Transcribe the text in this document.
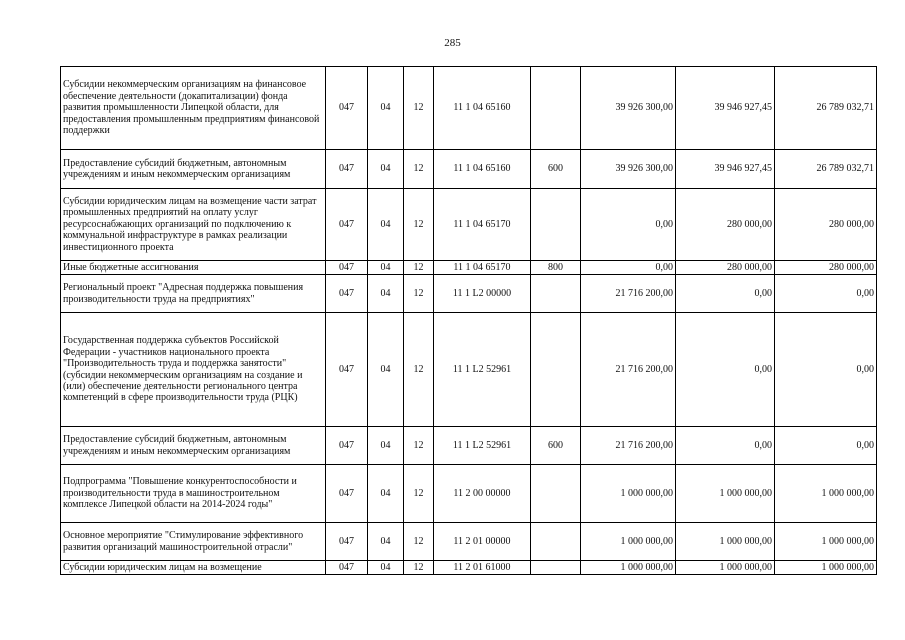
285
Субсидии некоммерческим организациям на финансовое обеспечение деятельности (докапитализации) фонда развития промышленности Липецкой области, для предоставления промышленным предприятиям финансовой поддержки	047	04	12	11 1 04 65160		39 926 300,00	39 946 927,45	26 789 032,71
Предоставление субсидий бюджетным, автономным учреждениям и иным некоммерческим организациям	047	04	12	11 1 04 65160	600	39 926 300,00	39 946 927,45	26 789 032,71
Субсидии юридическим лицам на возмещение части затрат промышленных предприятий на оплату услуг ресурсоснабжающих организаций по подключению к коммунальной инфраструктуре в рамках реализации инвестиционного проекта	047	04	12	11 1 04 65170		0,00	280 000,00	280 000,00
Иные бюджетные ассигнования	047	04	12	11 1 04 65170	800	0,00	280 000,00	280 000,00
Региональный проект "Адресная поддержка повышения производительности труда на предприятиях"	047	04	12	11 1 L2 00000		21 716 200,00	0,00	0,00
Государственная поддержка субъектов Российской Федерации - участников национального проекта "Производительность труда и поддержка занятости" (субсидии некоммерческим организациям на создание и (или) обеспечение деятельности регионального центра компетенций в сфере производительности труда (РЦК)	047	04	12	11 1 L2 52961		21 716 200,00	0,00	0,00
Предоставление субсидий бюджетным, автономным учреждениям и иным некоммерческим организациям	047	04	12	11 1 L2 52961	600	21 716 200,00	0,00	0,00
Подпрограмма "Повышение конкурентоспособности и производительности труда в машиностроительном комплексе Липецкой области на 2014-2024 годы"	047	04	12	11 2 00 00000		1 000 000,00	1 000 000,00	1 000 000,00
Основное мероприятие "Стимулирование эффективного развития организаций машиностроительной отрасли"	047	04	12	11 2 01 00000		1 000 000,00	1 000 000,00	1 000 000,00
Субсидии юридическим лицам на возмещение	047	04	12	11 2 01 61000		1 000 000,00	1 000 000,00	1 000 000,00
